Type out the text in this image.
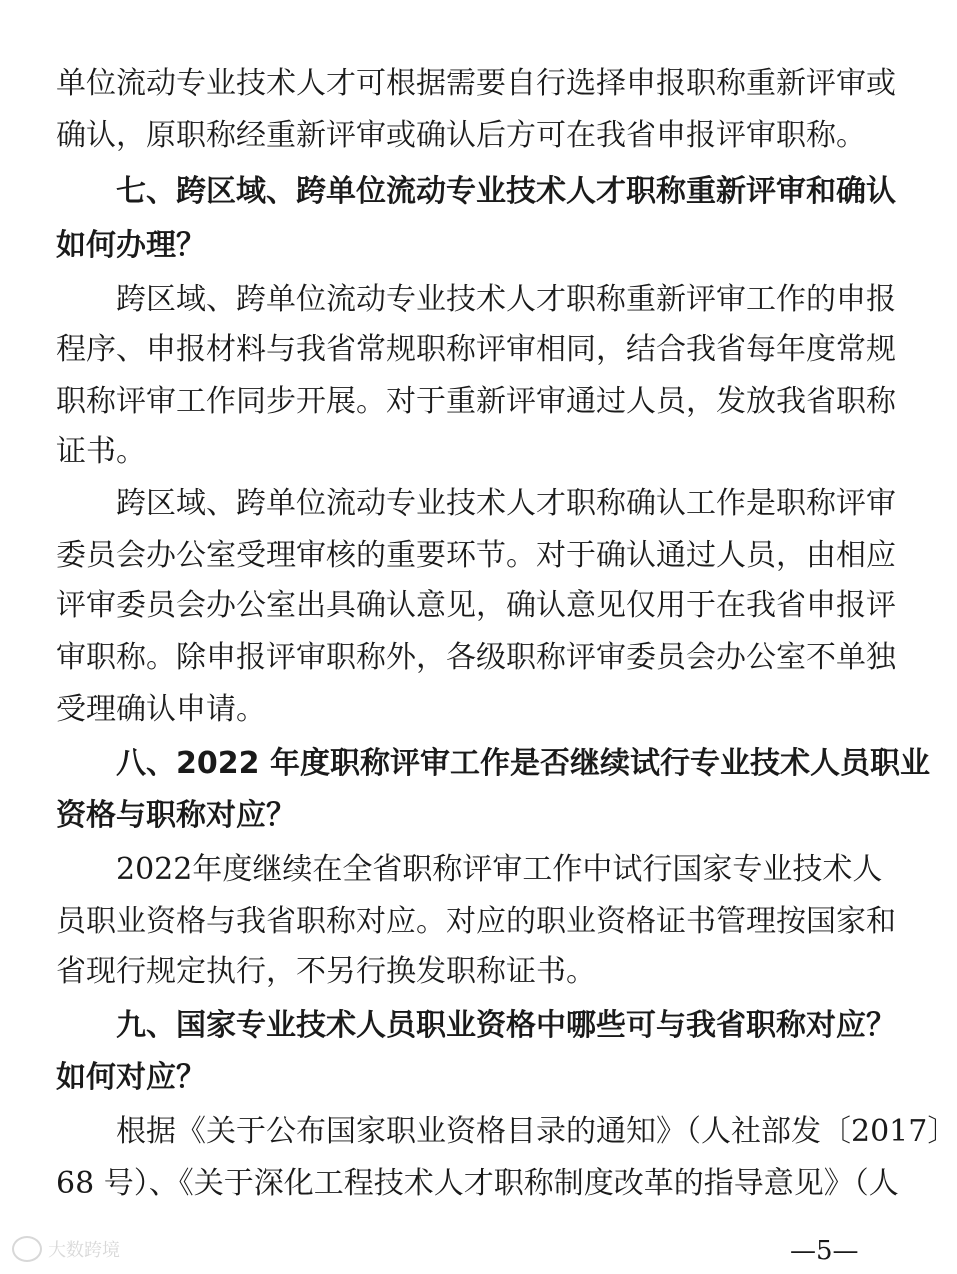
单位流动专业技术人才可根据需要自行选择申报职称重新评审或
确认，原职称经重新评审或确认后方可在我省申报评审职称。
七、跨区域、跨单位流动专业技术人才职称重新评审和确认
如何办理？
跨区域、跨单位流动专业技术人才职称重新评审工作的申报
程序、申报材料与我省常规职称评审相同，结合我省每年度常规
职称评审工作同步开展。对于重新评审通过人员，发放我省职称
证书。
跨区域、跨单位流动专业技术人才职称确认工作是职称评审
委员会办公室受理审核的重要环节。对于确认通过人员，由相应
评审委员会办公室出具确认意见，确认意见仅用于在我省申报评
审职称。除申报评审职称外，各级职称评审委员会办公室不单独
受理确认申请。
八、2022 年度职称评审工作是否继续试行专业技术人员职业
资格与职称对应？
2022年度继续在全省职称评审工作中试行国家专业技术人
员职业资格与我省职称对应。对应的职业资格证书管理按国家和
省现行规定执行，不另行换发职称证书。
九、国家专业技术人员职业资格中哪些可与我省职称对应？
如何对应？
根据《关于公布国家职业资格目录的通知》（人社部发〔2017〕
68 号）、《关于深化工程技术人才职称制度改革的指导意见》（人
大数跨境	—5—
